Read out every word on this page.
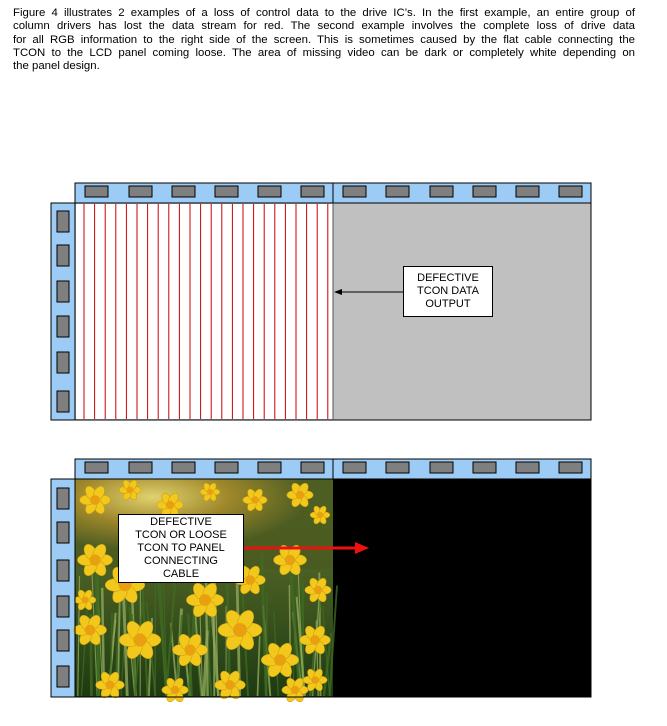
Figure 4 illustrates 2 examples of a loss of control data to the drive IC’s. In the first example, an entire group of
column drivers has lost the data stream for red. The second example involves the complete loss of drive data
for all RGB information to the right side of the screen. This is sometimes caused by the flat cable connecting the
TCON to the LCD panel coming loose. The area of missing video can be dark or completely white depending on
the panel design.
DEFECTIVE
TCON DATA
OUTPUT
DEFECTIVE
TCON OR LOOSE
TCON TO PANEL
CONNECTING
CABLE
